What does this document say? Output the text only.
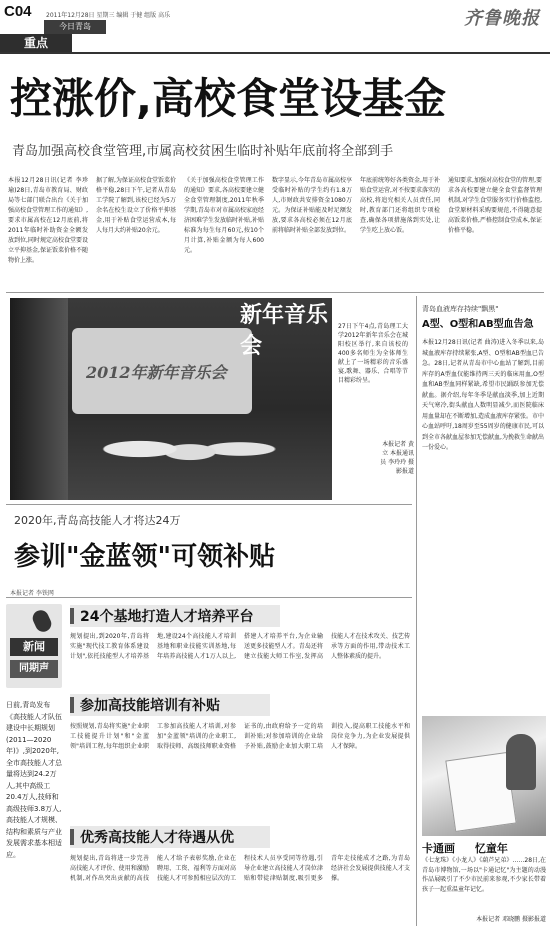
C04 2011年12月28日 星期三 编辑 于健 组版 高乐
今日青岛
重点
齐鲁晚报
控涨价,高校食堂设基金
青岛加强高校食堂管理,市属高校贫困生临时补贴年底前将全部到手
本报12月28日讯(记者 李珍瑜)28日,青岛市教育局、财政局等七部门联合出台《关于加强高校食堂管理工作的通知》,要求市属高校在12月底前,将2011年临时补助资金全额发放到位,同时规定高校食堂要设立平抑基金,保证饭菜价格不随物价上涨。
据了解,为保证高校食堂饭菜价格平稳,28日下午,记者从青岛工学院了解到,该校已经为5万余名在校生设立了价格平抑基金,用于补贴食堂运营成本,每人每月大约补贴20余元。
《关于加强高校食堂管理工作的通知》要求,各高校要建立健全食堂管理制度,2011年秋季学期,青岛市对市属高校家庭经济困难学生发放临时补贴,补贴标准为每生每月60元,按10个月计算,补贴金额为每人600元。
数字显示,今年青岛市属高校享受临时补贴的学生约有1.8万人,市财政共安排资金1080万元。为保证补贴能及时足额发放,要求各高校必须在12月底前将临时补贴全部发放到位。
年底前统筹好各类资金,用于补贴食堂运营,对不按要求落实的高校,将追究相关人员责任,同时,教育部门还将组织专项检查,确保各项措施落到实处,让学生吃上放心饭。
通知要求,加强对高校食堂的管理,要求各高校要建立健全食堂监督管理机制,对学生食堂服务实行价格监控,食堂原材料采购要规范,不得随意提高饭菜价格,严格控制食堂成本,保证价格平稳。
2012年新年音乐会
新年音乐会
27日下午4点,青岛理工大学2012年新年音乐会在城阳校区举行,来自该校的400多名师生为全体师生献上了一场精彩的音乐盛宴,歌舞、器乐、合唱等节目精彩纷呈。
本报记者 黄立 本报通讯员 李玲玲 摄影报道
青岛血液库存持续"飘黑"
A型、O型和AB型血告急
本报12月28日讯(记者 曲涛)进入冬季以来,岛城血液库存持续紧张,A型、O型和AB型血已告急。28日,记者从青岛市中心血站了解到,目前库存的A型血仅能维持两三天的临床用血,O型血和AB型血同样紧缺,希望市民踊跃参加无偿献血。据介绍,每年冬季是献血淡季,加上近期天气寒冷,街头献血人数明显减少,而医院临床用血量却在不断增加,造成血液库存紧张。市中心血站呼吁,18周岁至55周岁的健康市民,可以到全市各献血屋参加无偿献血,为挽救生命献出一份爱心。
卡通画 忆童年
《七龙珠》《小龙人》《葫芦兄弟》……28日,在青岛市博物馆,一场以"卡通记忆"为主题的动漫作品展吸引了不少市民前来参观,不少家长带着孩子一起重温童年记忆。
本报记者 邓晓鹏 摄影报道
2020年,青岛高技能人才将达24万
参训"金蓝领"可领补贴
本报记者 李铁网
新闻
同期声
日前,青岛发布《高技能人才队伍建设中长期规划(2011—2020年)》,到2020年,全市高技能人才总量将达到24.2万人,其中高级工20.4万人,技师和高级技师3.8万人,高技能人才规模、结构和素质与产业发展需求基本相适应。
24个基地打造人才培养平台
规划提出,到2020年,青岛将实施"现代技工教育体系建设计划",依托技能型人才培养基地,建设24个高技能人才培训基地和职业技能实训基地,每年培养高技能人才1万人以上,搭建人才培养平台,为企业输送更多技能型人才。青岛还将建立技能大师工作室,发挥高技能人才在技术攻关、技艺传承等方面的作用,带动技术工人整体素质的提升。
参加高技能培训有补贴
按照规划,青岛将实施"企业职工技能提升计划"和"金蓝领"培训工程,每年组织企业职工参加高技能人才培训,对参加"金蓝领"培训的企业职工,取得技师、高级技师职业资格证书的,由政府给予一定的培训补贴;对参加培训的企业给予补贴,鼓励企业加大职工培训投入,提高职工技能水平和岗位竞争力,为企业发展提供人才保障。
优秀高技能人才待遇从优
规划提出,青岛将进一步完善高技能人才评价、使用和激励机制,对作出突出贡献的高技能人才给予表彰奖励,企业在聘用、工资、福利等方面对高技能人才可参照相应层次的工程技术人员享受同等待遇,引导企业建立高技能人才岗位津贴和带徒津贴制度,吸引更多青年走技能成才之路,为青岛经济社会发展提供技能人才支撑。
